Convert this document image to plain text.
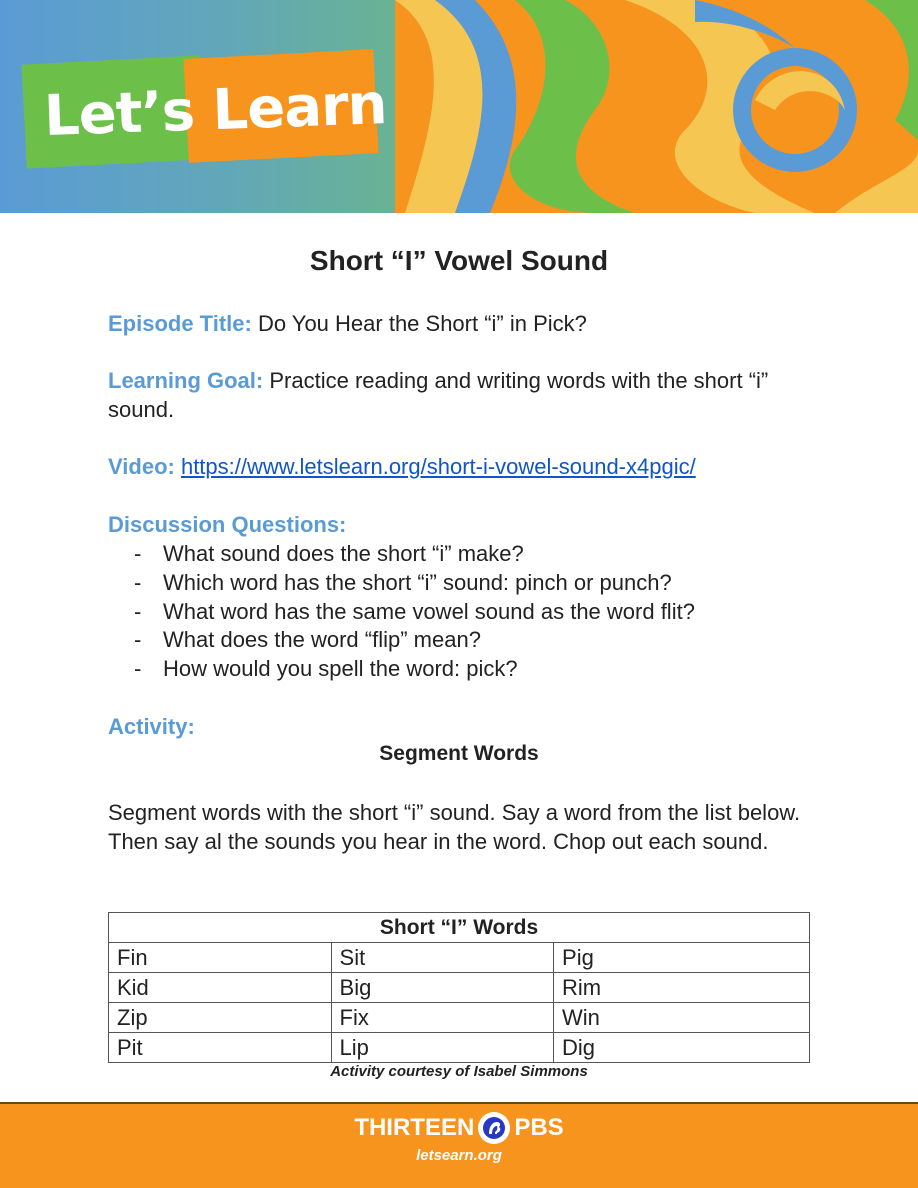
Let’s Learn
Short “I” Vowel Sound

Episode Title: Do You Hear the Short “i” in Pick?

Learning Goal: Practice reading and writing words with the short “i” sound.

Video: https://www.letslearn.org/short-i-vowel-sound-x4pgic/

Discussion Questions:

- What sound does the short “i” make?
- Which word has the short “i” sound: pinch or punch?
- What word has the same vowel sound as the word flit?
- What does the word “flip” mean?
- How would you spell the word: pick?

Activity:

Segment Words

Segment words with the short “i” sound. Say a word from the list below. Then say al the sounds you hear in the word. Chop out each sound.

Short “I” Words		
Fin	Sit	Pig
Kid	Big	Rim
Zip	Fix	Win
Pit	Lip	Dig

Activity courtesy of Isabel Simmons

THIRTEEN PBS

letsearn.org
